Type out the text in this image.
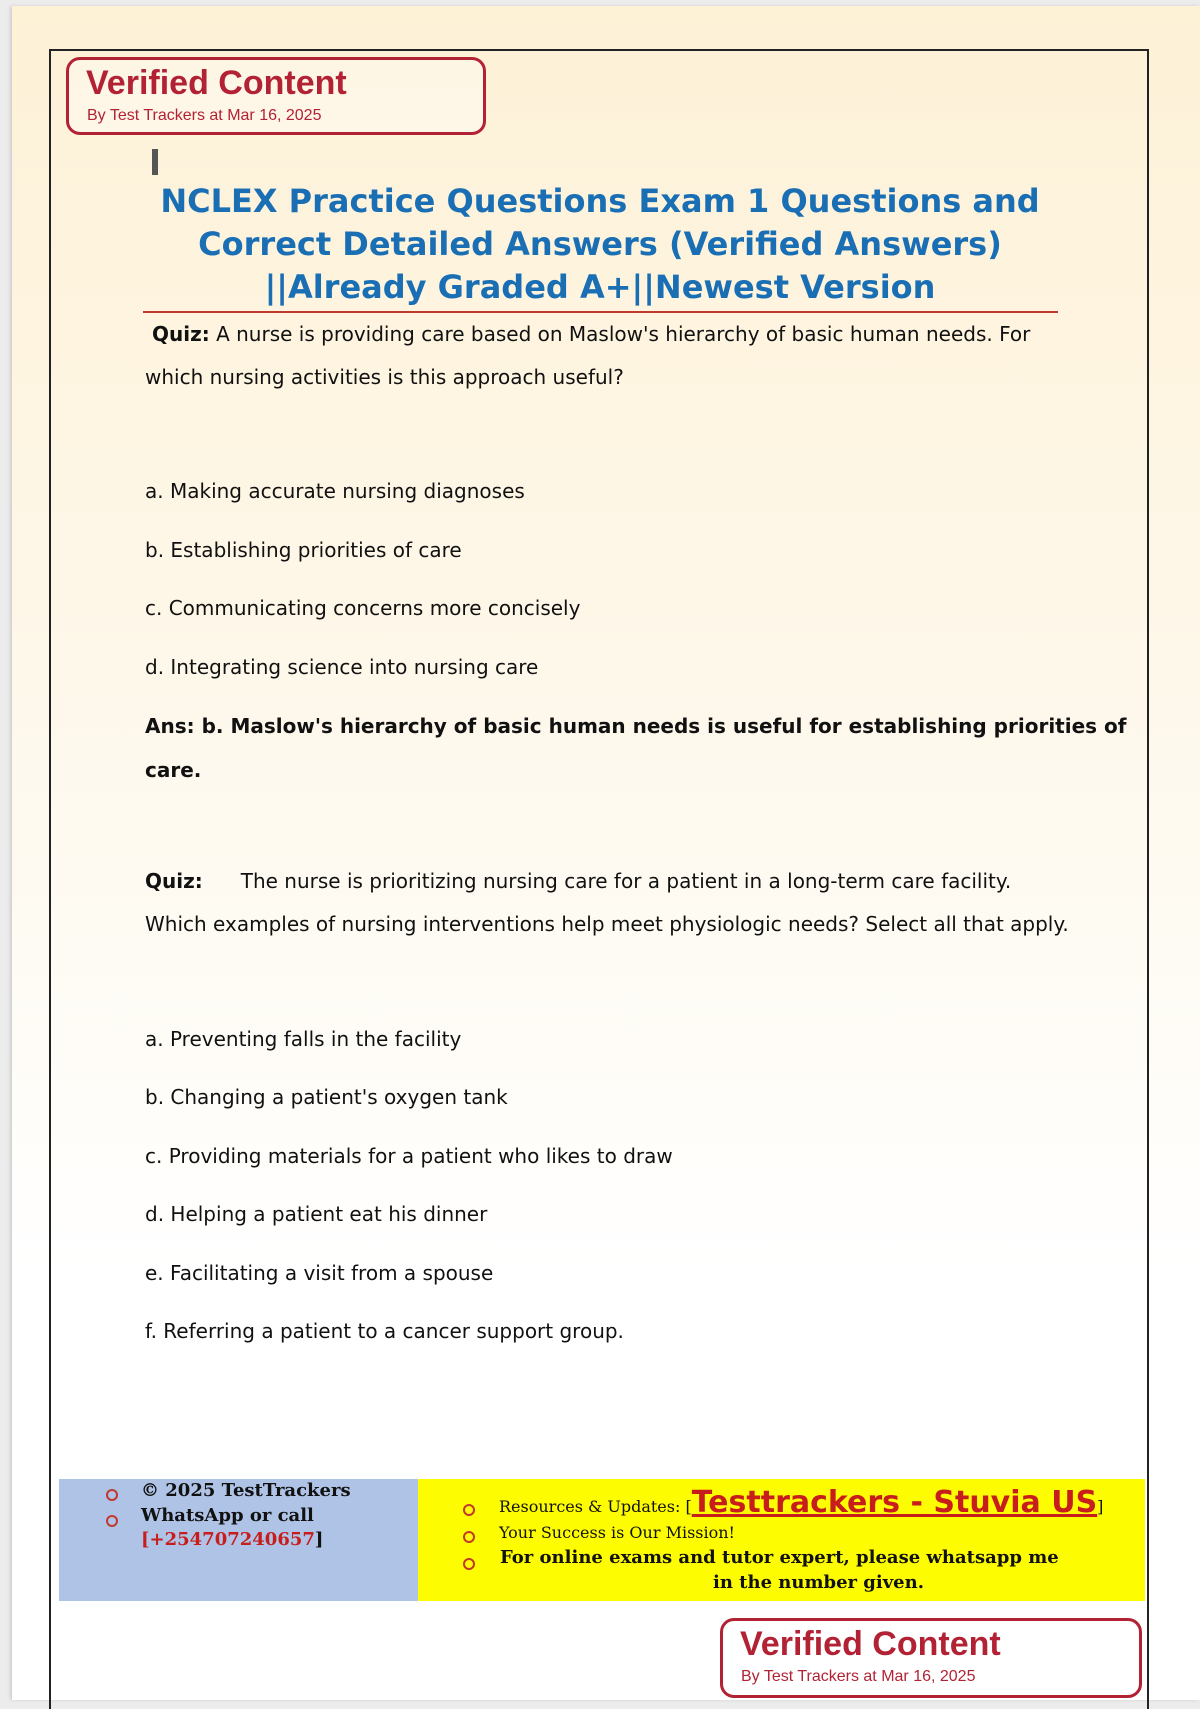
Verified Content
By Test Trackers at Mar 16, 2025
NCLEX Practice Questions Exam 1 Questions and
Correct Detailed Answers (Verified Answers)
||Already Graded A+||Newest Version
Quiz: A nurse is providing care based on Maslow's hierarchy of basic human needs. For
which nursing activities is this approach useful?
a. Making accurate nursing diagnoses
b. Establishing priorities of care
c. Communicating concerns more concisely
d. Integrating science into nursing care
Ans: b. Maslow's hierarchy of basic human needs is useful for establishing priorities of
care.
Quiz: The nurse is prioritizing nursing care for a patient in a long-term care facility.
Which examples of nursing interventions help meet physiologic needs? Select all that apply.
a. Preventing falls in the facility
b. Changing a patient's oxygen tank
c. Providing materials for a patient who likes to draw
d. Helping a patient eat his dinner
e. Facilitating a visit from a spouse
f. Referring a patient to a cancer support group.
© 2025 TestTrackers
WhatsApp or call
[+254707240657]
Resources & Updates: [Testtrackers - Stuvia US]
Your Success is Our Mission!
For online exams and tutor expert, please whatsapp me
in the number given.
Verified Content
By Test Trackers at Mar 16, 2025
